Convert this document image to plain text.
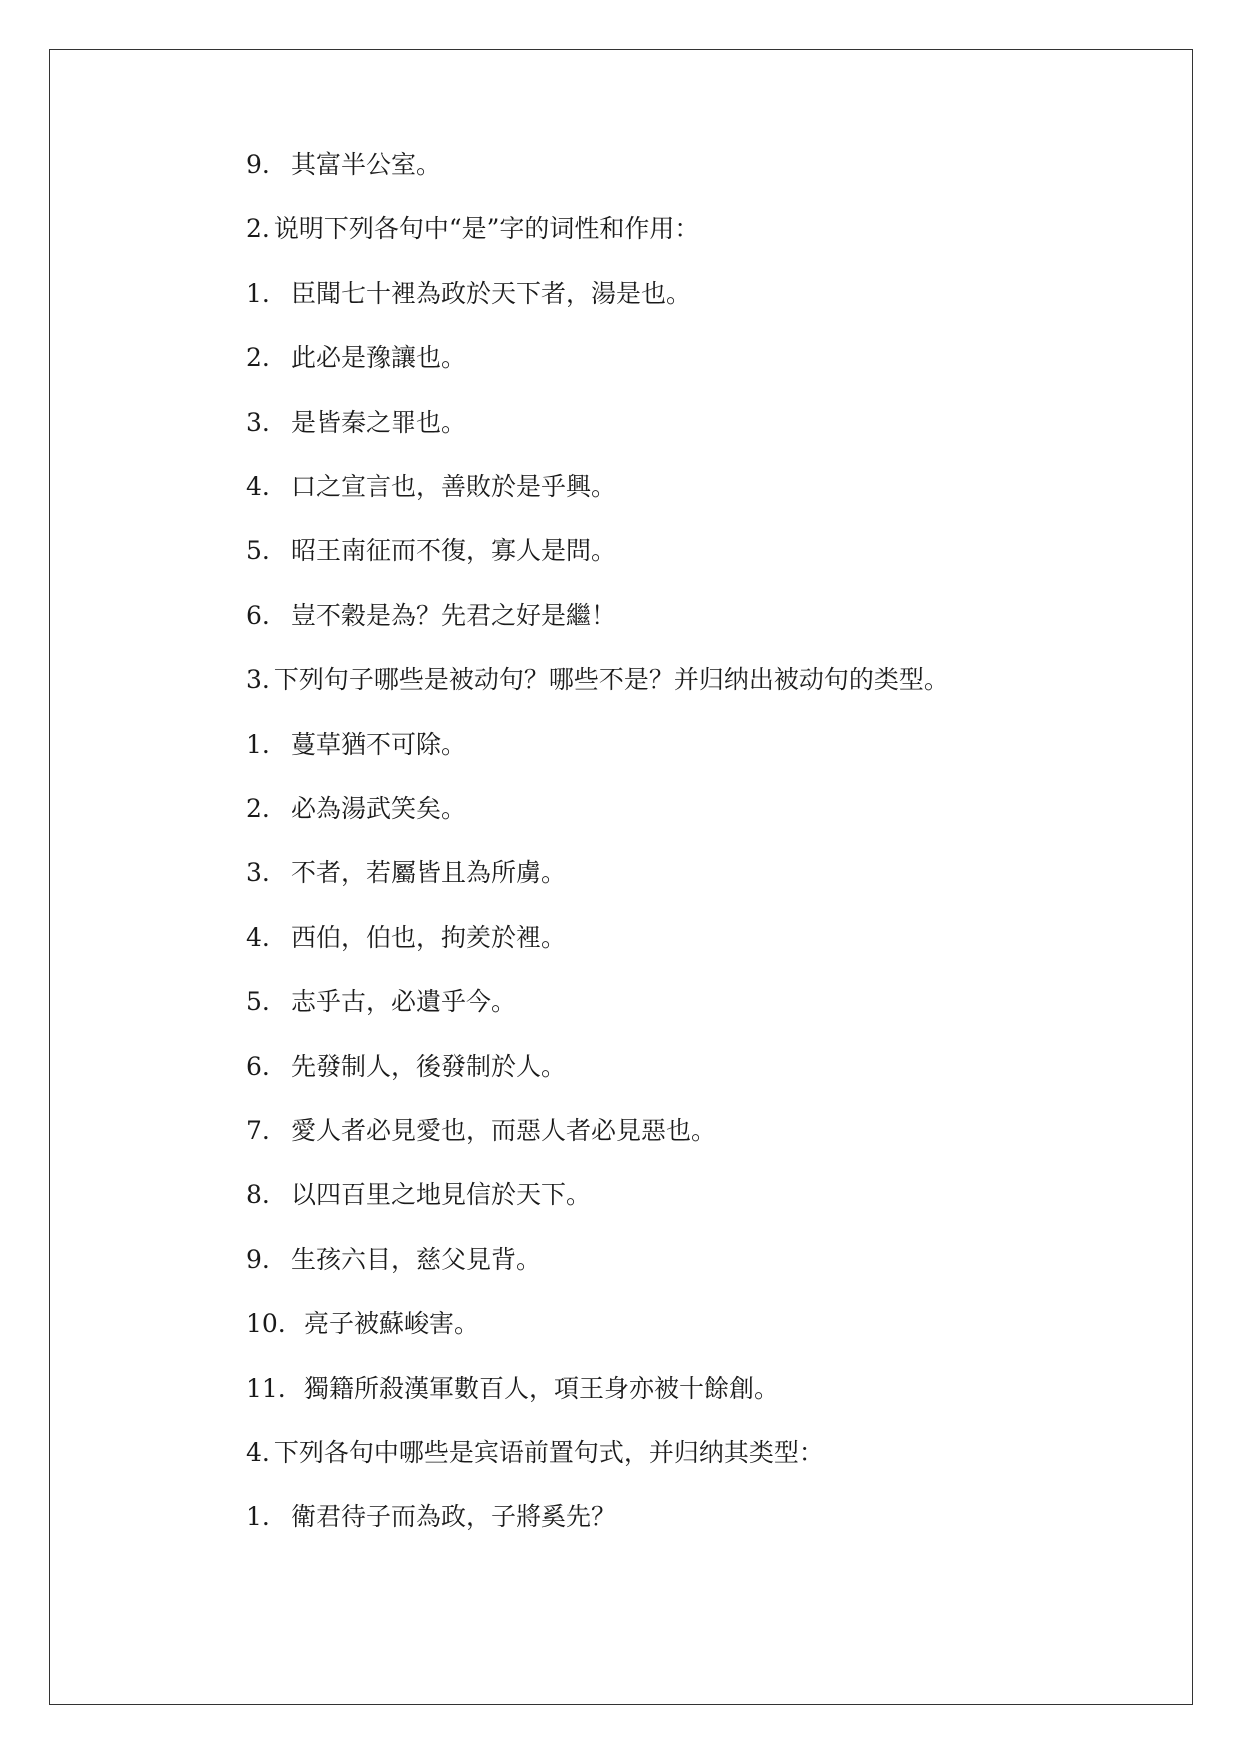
9. 其富半公室。
2. 说明下列各句中“是”字的词性和作用：
1. 臣聞七十裡為政於天下者，湯是也。
2. 此必是豫讓也。
3. 是皆秦之罪也。
4. 口之宣言也，善敗於是乎興。
5. 昭王南征而不復，寡人是問。
6. 豈不穀是為？先君之好是繼！
3. 下列句子哪些是被动句？哪些不是？并归纳出被动句的类型。
1. 蔓草猶不可除。
2. 必為湯武笑矣。
3. 不者，若屬皆且為所虜。
4. 西伯，伯也，拘羑於裡。
5. 志乎古，必遺乎今。
6. 先發制人，後發制於人。
7. 愛人者必見愛也，而惡人者必見惡也。
8. 以四百里之地見信於天下。
9. 生孩六目，慈父見背。
10. 亮子被蘇峻害。
11. 獨籍所殺漢軍數百人，項王身亦被十餘創。
4. 下列各句中哪些是宾语前置句式，并归纳其类型：
1. 衛君待子而為政，子將奚先？
